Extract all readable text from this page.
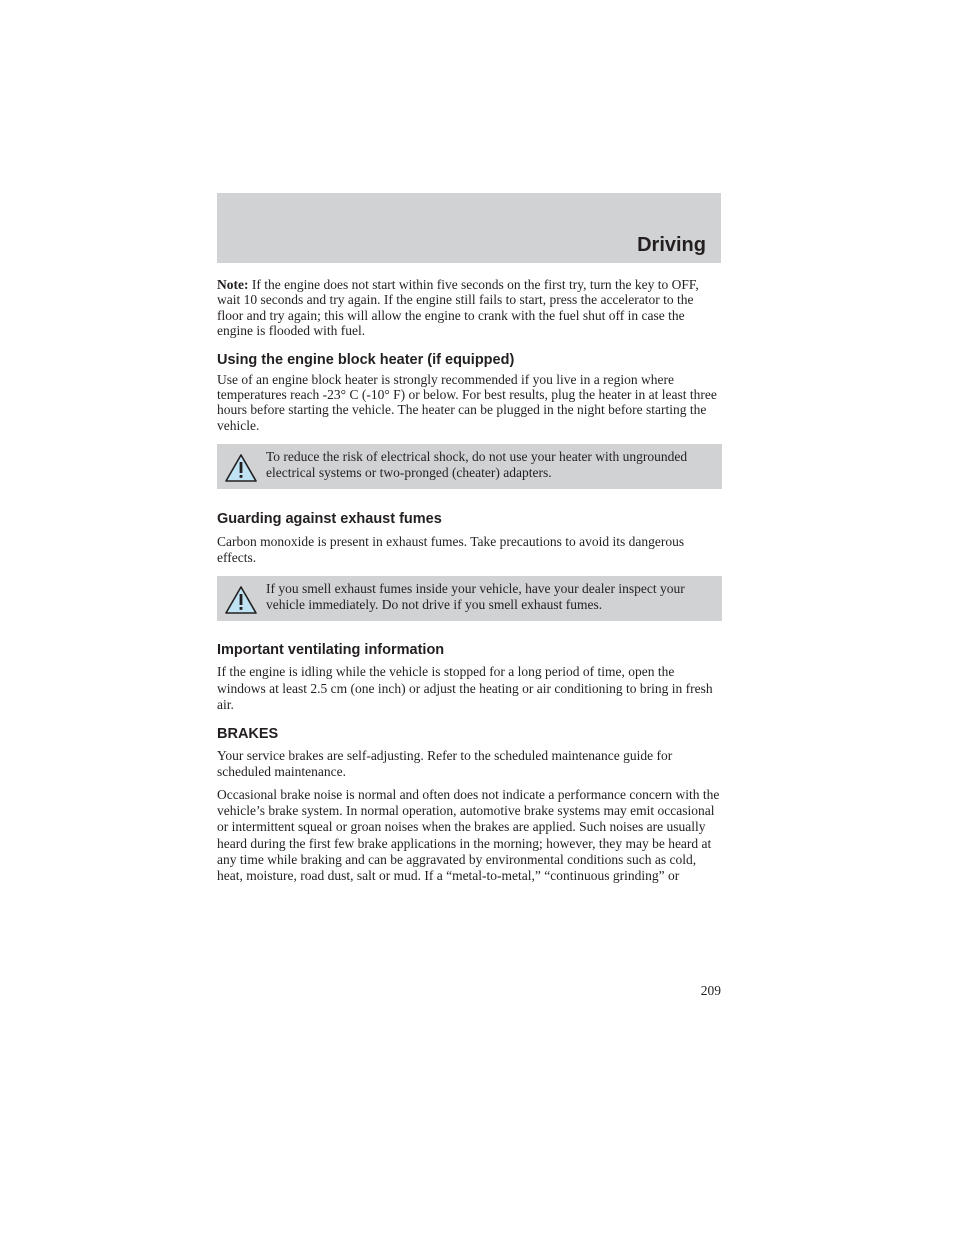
Driving

Note: If the engine does not start within five seconds on the first try, turn the key to OFF, wait 10 seconds and try again. If the engine still fails to start, press the accelerator to the floor and try again; this will allow the engine to crank with the fuel shut off in case the engine is flooded with fuel.

Using the engine block heater (if equipped)

Use of an engine block heater is strongly recommended if you live in a region where temperatures reach -23° C (-10° F) or below. For best results, plug the heater in at least three hours before starting the vehicle. The heater can be plugged in the night before starting the vehicle.

To reduce the risk of electrical shock, do not use your heater with ungrounded electrical systems or two-pronged (cheater) adapters.

Guarding against exhaust fumes

Carbon monoxide is present in exhaust fumes. Take precautions to avoid its dangerous effects.

If you smell exhaust fumes inside your vehicle, have your dealer inspect your vehicle immediately. Do not drive if you smell exhaust fumes.

Important ventilating information

If the engine is idling while the vehicle is stopped for a long period of time, open the windows at least 2.5 cm (one inch) or adjust the heating or air conditioning to bring in fresh air.

BRAKES

Your service brakes are self-adjusting. Refer to the scheduled maintenance guide for scheduled maintenance.

Occasional brake noise is normal and often does not indicate a performance concern with the vehicle’s brake system. In normal operation, automotive brake systems may emit occasional or intermittent squeal or groan noises when the brakes are applied. Such noises are usually heard during the first few brake applications in the morning; however, they may be heard at any time while braking and can be aggravated by environmental conditions such as cold, heat, moisture, road dust, salt or mud. If a “metal-to-metal,” “continuous grinding” or

209
